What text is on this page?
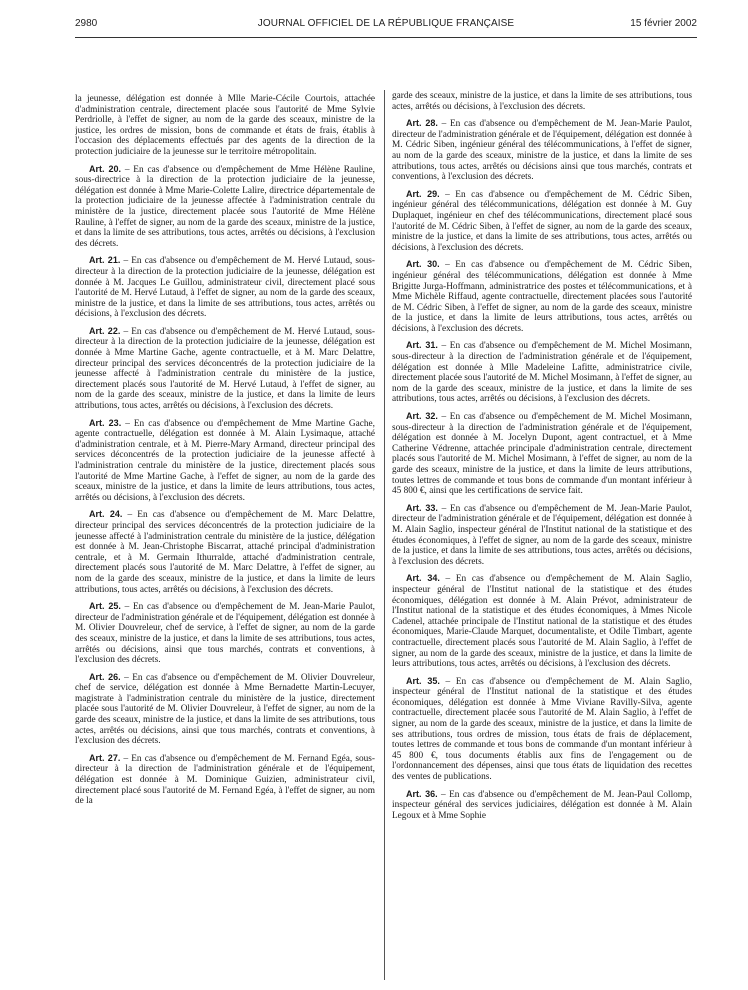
2980	JOURNAL OFFICIEL DE LA RÉPUBLIQUE FRANÇAISE	15 février 2002

la jeunesse, délégation est donnée à Mlle Marie-Cécile Courtois, attachée d'administration centrale, directement placée sous l'autorité de Mme Sylvie Perdriolle, à l'effet de signer, au nom de la garde des sceaux, ministre de la justice, les ordres de mission, bons de commande et états de frais, établis à l'occasion des déplacements effectués par des agents de la direction de la protection judiciaire de la jeunesse sur le territoire métropolitain.

Art. 20. – En cas d'absence ou d'empêchement de Mme Hélène Rauline, sous-directrice à la direction de la protection judiciaire de la jeunesse, délégation est donnée à Mme Marie-Colette Lalire, directrice départementale de la protection judiciaire de la jeunesse affectée à l'administration centrale du ministère de la justice, directement placée sous l'autorité de Mme Hélène Rauline, à l'effet de signer, au nom de la garde des sceaux, ministre de la justice, et dans la limite de ses attributions, tous actes, arrêtés ou décisions, à l'exclusion des décrets.

Art. 21. – En cas d'absence ou d'empêchement de M. Hervé Lutaud, sous-directeur à la direction de la protection judiciaire de la jeunesse, délégation est donnée à M. Jacques Le Guillou, administrateur civil, directement placé sous l'autorité de M. Hervé Lutaud, à l'effet de signer, au nom de la garde des sceaux, ministre de la justice, et dans la limite de ses attributions, tous actes, arrêtés ou décisions, à l'exclusion des décrets.

Art. 22. – En cas d'absence ou d'empêchement de M. Hervé Lutaud, sous-directeur à la direction de la protection judiciaire de la jeunesse, délégation est donnée à Mme Martine Gache, agente contractuelle, et à M. Marc Delattre, directeur principal des services déconcentrés de la protection judiciaire de la jeunesse affecté à l'administration centrale du ministère de la justice, directement placés sous l'autorité de M. Hervé Lutaud, à l'effet de signer, au nom de la garde des sceaux, ministre de la justice, et dans la limite de leurs attributions, tous actes, arrêtés ou décisions, à l'exclusion des décrets.

Art. 23. – En cas d'absence ou d'empêchement de Mme Martine Gache, agente contractuelle, délégation est donnée à M. Alain Lysimaque, attaché d'administration centrale, et à M. Pierre-Mary Armand, directeur principal des services déconcentrés de la protection judiciaire de la jeunesse affecté à l'administration centrale du ministère de la justice, directement placés sous l'autorité de Mme Martine Gache, à l'effet de signer, au nom de la garde des sceaux, ministre de la justice, et dans la limite de leurs attributions, tous actes, arrêtés ou décisions, à l'exclusion des décrets.

Art. 24. – En cas d'absence ou d'empêchement de M. Marc Delattre, directeur principal des services déconcentrés de la protection judiciaire de la jeunesse affecté à l'administration centrale du ministère de la justice, délégation est donnée à M. Jean-Christophe Biscarrat, attaché principal d'administration centrale, et à M. Germain Ithurralde, attaché d'administration centrale, directement placés sous l'autorité de M. Marc Delattre, à l'effet de signer, au nom de la garde des sceaux, ministre de la justice, et dans la limite de leurs attributions, tous actes, arrêtés ou décisions, à l'exclusion des décrets.

Art. 25. – En cas d'absence ou d'empêchement de M. Jean-Marie Paulot, directeur de l'administration générale et de l'équipement, délégation est donnée à M. Olivier Douvreleur, chef de service, à l'effet de signer, au nom de la garde des sceaux, ministre de la justice, et dans la limite de ses attributions, tous actes, arrêtés ou décisions, ainsi que tous marchés, contrats et conventions, à l'exclusion des décrets.

Art. 26. – En cas d'absence ou d'empêchement de M. Olivier Douvreleur, chef de service, délégation est donnée à Mme Bernadette Martin-Lecuyer, magistrate à l'administration centrale du ministère de la justice, directement placée sous l'autorité de M. Olivier Douvreleur, à l'effet de signer, au nom de la garde des sceaux, ministre de la justice, et dans la limite de ses attributions, tous actes, arrêtés ou décisions, ainsi que tous marchés, contrats et conventions, à l'exclusion des décrets.

Art. 27. – En cas d'absence ou d'empêchement de M. Fernand Egéa, sous-directeur à la direction de l'administration générale et de l'équipement, délégation est donnée à M. Dominique Guizien, administrateur civil, directement placé sous l'autorité de M. Fernand Egéa, à l'effet de signer, au nom de la

garde des sceaux, ministre de la justice, et dans la limite de ses attributions, tous actes, arrêtés ou décisions, à l'exclusion des décrets.

Art. 28. – En cas d'absence ou d'empêchement de M. Jean-Marie Paulot, directeur de l'administration générale et de l'équipement, délégation est donnée à M. Cédric Siben, ingénieur général des télécommunications, à l'effet de signer, au nom de la garde des sceaux, ministre de la justice, et dans la limite de ses attributions, tous actes, arrêtés ou décisions ainsi que tous marchés, contrats et conventions, à l'exclusion des décrets.

Art. 29. – En cas d'absence ou d'empêchement de M. Cédric Siben, ingénieur général des télécommunications, délégation est donnée à M. Guy Duplaquet, ingénieur en chef des télécommunications, directement placé sous l'autorité de M. Cédric Siben, à l'effet de signer, au nom de la garde des sceaux, ministre de la justice, et dans la limite de ses attributions, tous actes, arrêtés ou décisions, à l'exclusion des décrets.

Art. 30. – En cas d'absence ou d'empêchement de M. Cédric Siben, ingénieur général des télécommunications, délégation est donnée à Mme Brigitte Jurga-Hoffmann, administratrice des postes et télécommunications, et à Mme Michèle Riffaud, agente contractuelle, directement placées sous l'autorité de M. Cédric Siben, à l'effet de signer, au nom de la garde des sceaux, ministre de la justice, et dans la limite de leurs attributions, tous actes, arrêtés ou décisions, à l'exclusion des décrets.

Art. 31. – En cas d'absence ou d'empêchement de M. Michel Mosimann, sous-directeur à la direction de l'administration générale et de l'équipement, délégation est donnée à Mlle Madeleine Lafitte, administratrice civile, directement placée sous l'autorité de M. Michel Mosimann, à l'effet de signer, au nom de la garde des sceaux, ministre de la justice, et dans la limite de ses attributions, tous actes, arrêtés ou décisions, à l'exclusion des décrets.

Art. 32. – En cas d'absence ou d'empêchement de M. Michel Mosimann, sous-directeur à la direction de l'administration générale et de l'équipement, délégation est donnée à M. Jocelyn Dupont, agent contractuel, et à Mme Catherine Védrenne, attachée principale d'administration centrale, directement placés sous l'autorité de M. Michel Mosimann, à l'effet de signer, au nom de la garde des sceaux, ministre de la justice, et dans la limite de leurs attributions, toutes lettres de commande et tous bons de commande d'un montant inférieur à 45 800 €, ainsi que les certifications de service fait.

Art. 33. – En cas d'absence ou d'empêchement de M. Jean-Marie Paulot, directeur de l'administration générale et de l'équipement, délégation est donnée à M. Alain Saglio, inspecteur général de l'Institut national de la statistique et des études économiques, à l'effet de signer, au nom de la garde des sceaux, ministre de la justice, et dans la limite de ses attributions, tous actes, arrêtés ou décisions, à l'exclusion des décrets.

Art. 34. – En cas d'absence ou d'empêchement de M. Alain Saglio, inspecteur général de l'Institut national de la statistique et des études économiques, délégation est donnée à M. Alain Prévot, administrateur de l'Institut national de la statistique et des études économiques, à Mmes Nicole Cadenel, attachée principale de l'Institut national de la statistique et des études économiques, Marie-Claude Marquet, documentaliste, et Odile Timbart, agente contractuelle, directement placés sous l'autorité de M. Alain Saglio, à l'effet de signer, au nom de la garde des sceaux, ministre de la justice, et dans la limite de leurs attributions, tous actes, arrêtés ou décisions, à l'exclusion des décrets.

Art. 35. – En cas d'absence ou d'empêchement de M. Alain Saglio, inspecteur général de l'Institut national de la statistique et des études économiques, délégation est donnée à Mme Viviane Ravilly-Silva, agente contractuelle, directement placée sous l'autorité de M. Alain Saglio, à l'effet de signer, au nom de la garde des sceaux, ministre de la justice, et dans la limite de ses attributions, tous ordres de mission, tous états de frais de déplacement, toutes lettres de commande et tous bons de commande d'un montant inférieur à 45 800 €, tous documents établis aux fins de l'engagement ou de l'ordonnancement des dépenses, ainsi que tous états de liquidation des recettes des ventes de publications.

Art. 36. – En cas d'absence ou d'empêchement de M. Jean-Paul Collomp, inspecteur général des services judiciaires, délégation est donnée à M. Alain Legoux et à Mme Sophie
